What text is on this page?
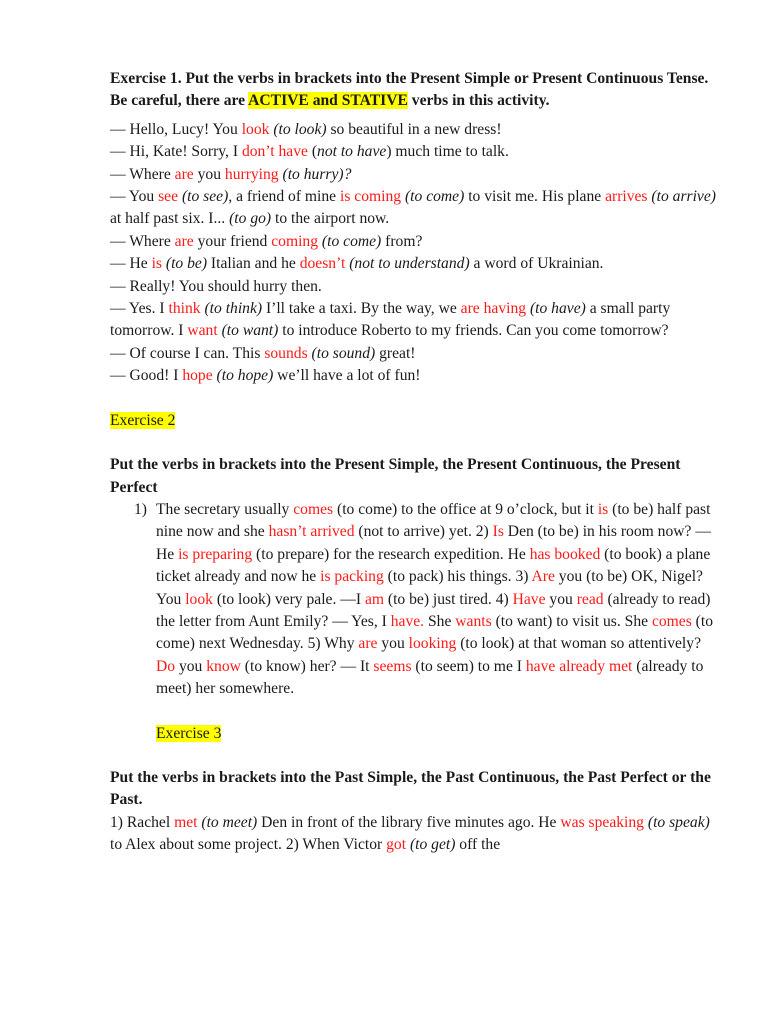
Exercise 1. Put the verbs in brackets into the Present Simple or Present Continuous Tense. Be careful, there are ACTIVE and STATIVE verbs in this activity.

— Hello, Lucy! You look (to look) so beautiful in a new dress!

— Hi, Kate! Sorry, I don’t have (not to have) much time to talk.

— Where are you hurrying (to hurry)?

— You see (to see), a friend of mine is coming (to come) to visit me. His plane arrives (to arrive) at half past six. I... (to go) to the airport now.

— Where are your friend coming (to come) from?

— He is (to be) Italian and he doesn’t (not to understand) a word of Ukrainian.

— Really! You should hurry then.

— Yes. I think (to think) I’ll take a taxi. By the way, we are having (to have) a small party tomorrow. I want (to want) to introduce Roberto to my friends. Can you come tomorrow?

— Of course I can. This sounds (to sound) great!

— Good! I hope (to hope) we’ll have a lot of fun!

Exercise 2

Put the verbs in brackets into the Present Simple, the Present Continuous, the Present Perfect

1) The secretary usually comes (to come) to the office at 9 o’clock, but it is (to be) half past nine now and she hasn’t arrived (not to arrive) yet. 2) Is Den (to be) in his room now? — He is preparing (to prepare) for the research expedition. He has booked (to book) a plane ticket already and now he is packing (to pack) his things. 3) Are you (to be) OK, Nigel? You look (to look) very pale. —I am (to be) just tired. 4) Have you read (already to read) the letter from Aunt Emily? — Yes, I have. She wants (to want) to visit us. She comes (to come) next Wednesday. 5) Why are you looking (to look) at that woman so attentively? Do you know (to know) her? — It seems (to seem) to me I have already met (already to meet) her somewhere.

Exercise 3

Put the verbs in brackets into the Past Simple, the Past Continuous, the Past Perfect or the Past.

1) Rachel met (to meet) Den in front of the library five minutes ago. He was speaking (to speak) to Alex about some project. 2) When Victor got (to get) off the
